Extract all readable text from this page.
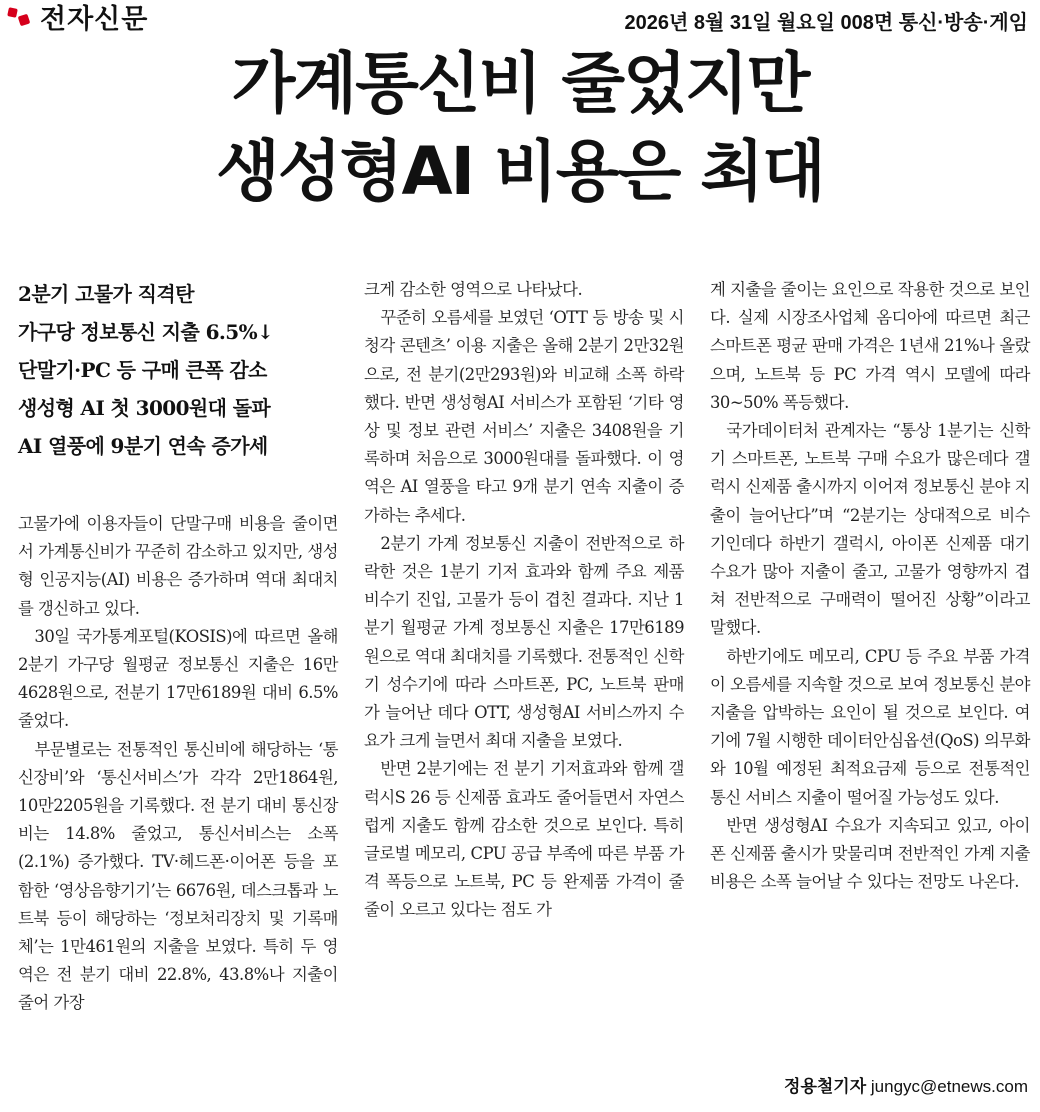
전자신문	2026년 8월 31일 월요일 008면 통신·방송·게임
가계통신비 줄었지만
생성형AI 비용은 최대
2분기 고물가 직격탄
가구당 정보통신 지출 6.5%↓
단말기·PC 등 구매 큰폭 감소
생성형 AI 첫 3000원대 돌파
AI 열풍에 9분기 연속 증가세

고물가에 이용자들이 단말구매 비용을 줄이면서 가계통신비가 꾸준히 감소하고 있지만, 생성형 인공지능(AI) 비용은 증가하며 역대 최대치를 갱신하고 있다.

30일 국가통계포털(KOSIS)에 따르면 올해 2분기 가구당 월평균 정보통신 지출은 16만4628원으로, 전분기 17만6189원 대비 6.5% 줄었다.

부문별로는 전통적인 통신비에 해당하는 ‘통신장비’와 ‘통신서비스’가 각각 2만1864원, 10만2205원을 기록했다. 전 분기 대비 통신장비는 14.8% 줄었고, 통신서비스는 소폭(2.1%) 증가했다. TV·헤드폰·이어폰 등을 포함한 ‘영상음향기기’는 6676원, 데스크톱과 노트북 등이 해당하는 ‘정보처리장치 및 기록매체’는 1만461원의 지출을 보였다. 특히 두 영역은 전 분기 대비 22.8%, 43.8%나 지출이 줄어 가장

크게 감소한 영역으로 나타났다.

꾸준히 오름세를 보였던 ‘OTT 등 방송 및 시청각 콘텐츠’ 이용 지출은 올해 2분기 2만32원으로, 전 분기(2만293원)와 비교해 소폭 하락했다. 반면 생성형AI 서비스가 포함된 ‘기타 영상 및 정보 관련 서비스’ 지출은 3408원을 기록하며 처음으로 3000원대를 돌파했다. 이 영역은 AI 열풍을 타고 9개 분기 연속 지출이 증가하는 추세다.

2분기 가계 정보통신 지출이 전반적으로 하락한 것은 1분기 기저 효과와 함께 주요 제품 비수기 진입, 고물가 등이 겹친 결과다. 지난 1분기 월평균 가계 정보통신 지출은 17만6189원으로 역대 최대치를 기록했다. 전통적인 신학기 성수기에 따라 스마트폰, PC, 노트북 판매가 늘어난 데다 OTT, 생성형AI 서비스까지 수요가 크게 늘면서 최대 지출을 보였다.

반면 2분기에는 전 분기 기저효과와 함께 갤럭시S 26 등 신제품 효과도 줄어들면서 자연스럽게 지출도 함께 감소한 것으로 보인다. 특히 글로벌 메모리, CPU 공급 부족에 따른 부품 가격 폭등으로 노트북, PC 등 완제품 가격이 줄줄이 오르고 있다는 점도 가

계 지출을 줄이는 요인으로 작용한 것으로 보인다. 실제 시장조사업체 옴디아에 따르면 최근 스마트폰 평균 판매 가격은 1년새 21%나 올랐으며, 노트북 등 PC 가격 역시 모델에 따라 30~50% 폭등했다.

국가데이터처 관계자는 “통상 1분기는 신학기 스마트폰, 노트북 구매 수요가 많은데다 갤럭시 신제품 출시까지 이어져 정보통신 분야 지출이 늘어난다”며 “2분기는 상대적으로 비수기인데다 하반기 갤럭시, 아이폰 신제품 대기 수요가 많아 지출이 줄고, 고물가 영향까지 겹쳐 전반적으로 구매력이 떨어진 상황”이라고 말했다.

하반기에도 메모리, CPU 등 주요 부품 가격이 오름세를 지속할 것으로 보여 정보통신 분야 지출을 압박하는 요인이 될 것으로 보인다. 여기에 7월 시행한 데이터안심옵션(QoS) 의무화와 10월 예정된 최적요금제 등으로 전통적인 통신 서비스 지출이 떨어질 가능성도 있다.

반면 생성형AI 수요가 지속되고 있고, 아이폰 신제품 출시가 맞물리며 전반적인 가계 지출 비용은 소폭 늘어날 수 있다는 전망도 나온다.

정용철기자 jungyc@etnews.com
